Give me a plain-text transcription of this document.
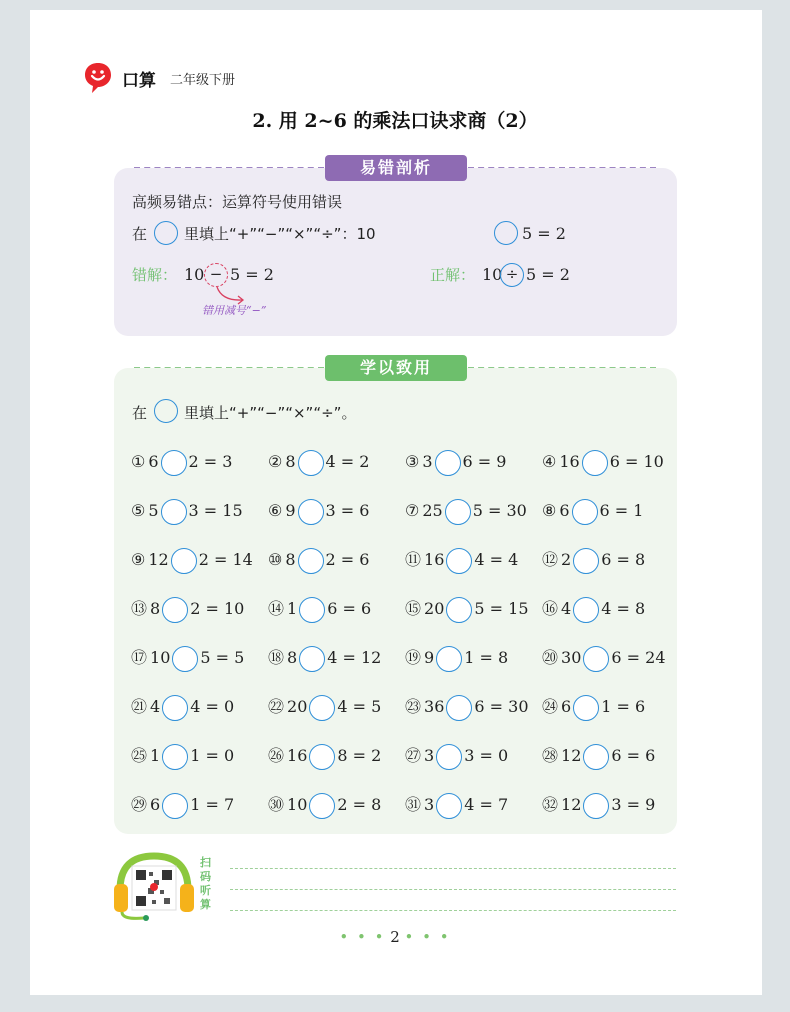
口算 二年级下册
2. 用 2~6 的乘法口诀求商（2）
易错剖析
高频易错点：运算符号使用错误
在 里填上“+”“−”“×”“÷”：10	5 = 2
错解： 10 − 5 = 2
错用减号“−”
正解： 10 ÷ 5 = 2
学以致用
在 里填上“+”“−”“×”“÷”。
① 6 2 = 3 ② 8 4 = 2 ③ 3 6 = 9 ④ 16 6 = 10
⑤ 5 3 = 15 ⑥ 9 3 = 6 ⑦ 25 5 = 30 ⑧ 6 6 = 1
⑨ 12 2 = 14 ⑩ 8 2 = 6 ⑪ 16 4 = 4 ⑫ 2 6 = 8
⑬ 8 2 = 10 ⑭ 1 6 = 6 ⑮ 20 5 = 15 ⑯ 4 4 = 8
⑰ 10 5 = 5 ⑱ 8 4 = 12 ⑲ 9 1 = 8 ⑳ 30 6 = 24
㉑ 4 4 = 0 ㉒ 20 4 = 5 ㉓ 36 6 = 30 ㉔ 6 1 = 6
㉕ 1 1 = 0 ㉖ 16 8 = 2 ㉗ 3 3 = 0 ㉘ 12 6 = 6
㉙ 6 1 = 7 ㉚ 10 2 = 8 ㉛ 3 4 = 7 ㉜ 12 3 = 9
扫码听算
• • • 2 • • •
